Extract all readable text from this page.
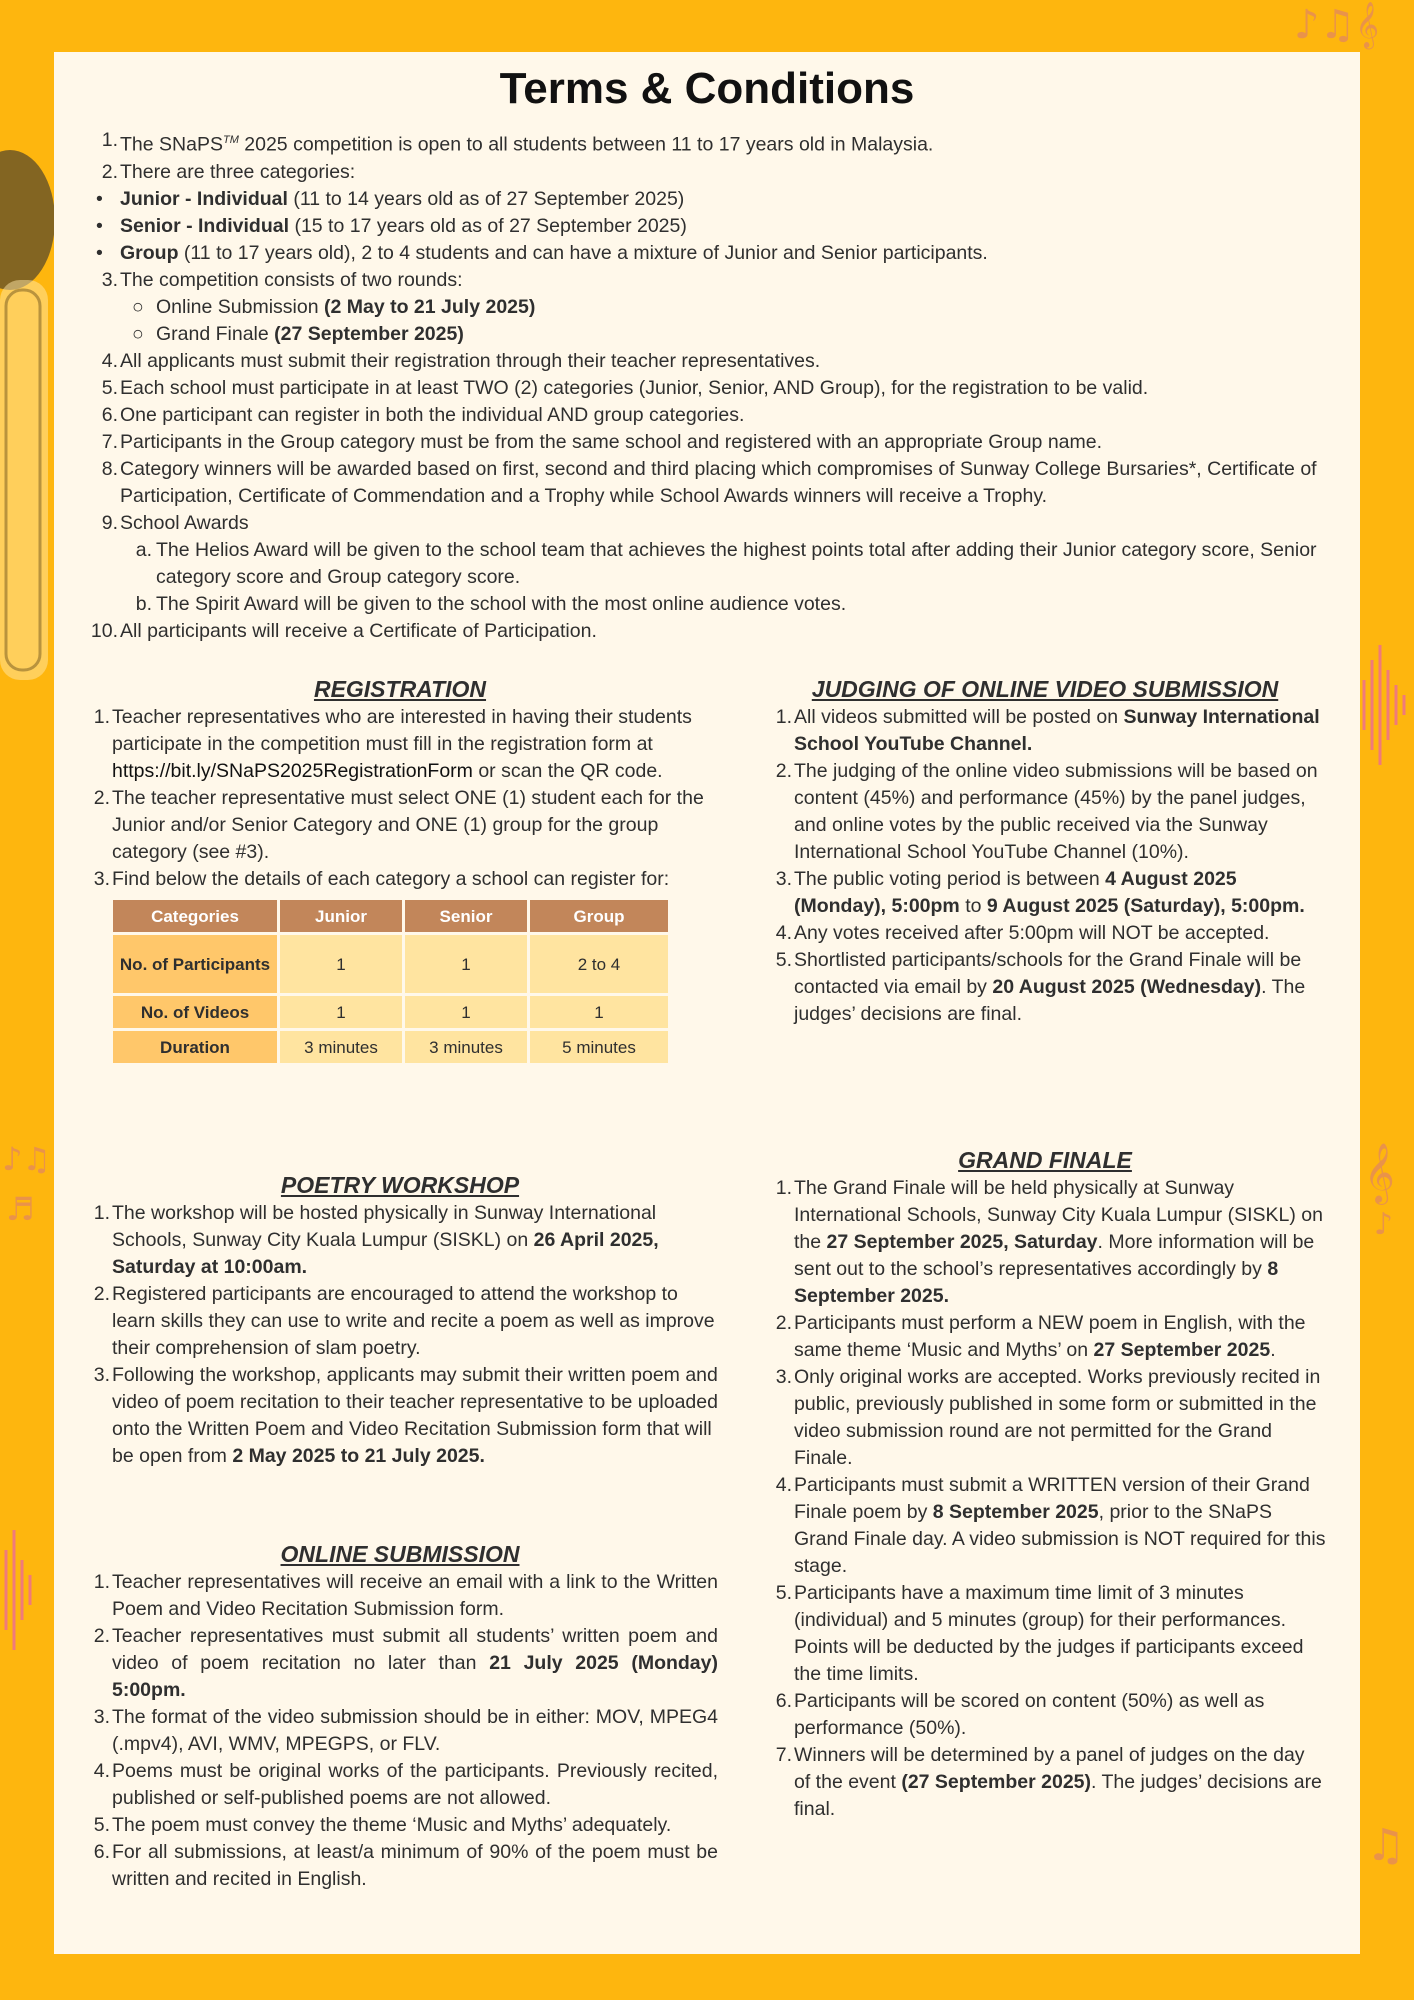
♪♫𝄞
♪♫
♬
𝄞
♪
♫
Terms & Conditions
1. The SNaPS™ 2025 competition is open to all students between 11 to 17 years old in Malaysia.
2. There are three categories:
• Junior - Individual (11 to 14 years old as of 27 September 2025)
• Senior - Individual (15 to 17 years old as of 27 September 2025)
• Group (11 to 17 years old), 2 to 4 students and can have a mixture of Junior and Senior participants.
3. The competition consists of two rounds:
○ Online Submission (2 May to 21 July 2025)
○ Grand Finale (27 September 2025)
4. All applicants must submit their registration through their teacher representatives.
5. Each school must participate in at least TWO (2) categories (Junior, Senior, AND Group), for the registration to be valid.
6. One participant can register in both the individual AND group categories.
7. Participants in the Group category must be from the same school and registered with an appropriate Group name.
8. Category winners will be awarded based on first, second and third placing which compromises of Sunway College Bursaries*, Certificate of Participation, Certificate of Commendation and a Trophy while School Awards winners will receive a Trophy.
9. School Awards
a. The Helios Award will be given to the school team that achieves the highest points total after adding their Junior category score, Senior category score and Group category score.
b. The Spirit Award will be given to the school with the most online audience votes.
10. All participants will receive a Certificate of Participation.
REGISTRATION
1. Teacher representatives who are interested in having their students participate in the competition must fill in the registration form at https://bit.ly/SNaPS2025RegistrationForm or scan the QR code.
2. The teacher representative must select ONE (1) student each for the Junior and/or Senior Category and ONE (1) group for the group category (see #3).
3. Find below the details of each category a school can register for:
Categories	Junior	Senior	Group
No. of Participants	1	1	2 to 4
No. of Videos	1	1	1
Duration	3 minutes	3 minutes	5 minutes
POETRY WORKSHOP
1. The workshop will be hosted physically in Sunway International Schools, Sunway City Kuala Lumpur (SISKL) on 26 April 2025, Saturday at 10:00am.
2. Registered participants are encouraged to attend the workshop to learn skills they can use to write and recite a poem as well as improve their comprehension of slam poetry.
3. Following the workshop, applicants may submit their written poem and video of poem recitation to their teacher representative to be uploaded onto the Written Poem and Video Recitation Submission form that will be open from 2 May 2025 to 21 July 2025.
ONLINE SUBMISSION
1. Teacher representatives will receive an email with a link to the Written Poem and Video Recitation Submission form.
2. Teacher representatives must submit all students’ written poem and video of poem recitation no later than 21 July 2025 (Monday) 5:00pm.
3. The format of the video submission should be in either: MOV, MPEG4 (.mpv4), AVI, WMV, MPEGPS, or FLV.
4. Poems must be original works of the participants. Previously recited, published or self-published poems are not allowed.
5. The poem must convey the theme ‘Music and Myths’ adequately.
6. For all submissions, at least/a minimum of 90% of the poem must be written and recited in English.
JUDGING OF ONLINE VIDEO SUBMISSION
1. All videos submitted will be posted on Sunway International School YouTube Channel.
2. The judging of the online video submissions will be based on content (45%) and performance (45%) by the panel judges, and online votes by the public received via the Sunway International School YouTube Channel (10%).
3. The public voting period is between 4 August 2025 (Monday), 5:00pm to 9 August 2025 (Saturday), 5:00pm.
4. Any votes received after 5:00pm will NOT be accepted.
5. Shortlisted participants/schools for the Grand Finale will be contacted via email by 20 August 2025 (Wednesday). The judges’ decisions are final.
GRAND FINALE
1. The Grand Finale will be held physically at Sunway International Schools, Sunway City Kuala Lumpur (SISKL) on the 27 September 2025, Saturday. More information will be sent out to the school’s representatives accordingly by 8 September 2025.
2. Participants must perform a NEW poem in English, with the same theme ‘Music and Myths’ on 27 September 2025.
3. Only original works are accepted. Works previously recited in public, previously published in some form or submitted in the video submission round are not permitted for the Grand Finale.
4. Participants must submit a WRITTEN version of their Grand Finale poem by 8 September 2025, prior to the SNaPS Grand Finale day. A video submission is NOT required for this stage.
5. Participants have a maximum time limit of 3 minutes (individual) and 5 minutes (group) for their performances. Points will be deducted by the judges if participants exceed the time limits.
6. Participants will be scored on content (50%) as well as performance (50%).
7. Winners will be determined by a panel of judges on the day of the event (27 September 2025). The judges’ decisions are final.
